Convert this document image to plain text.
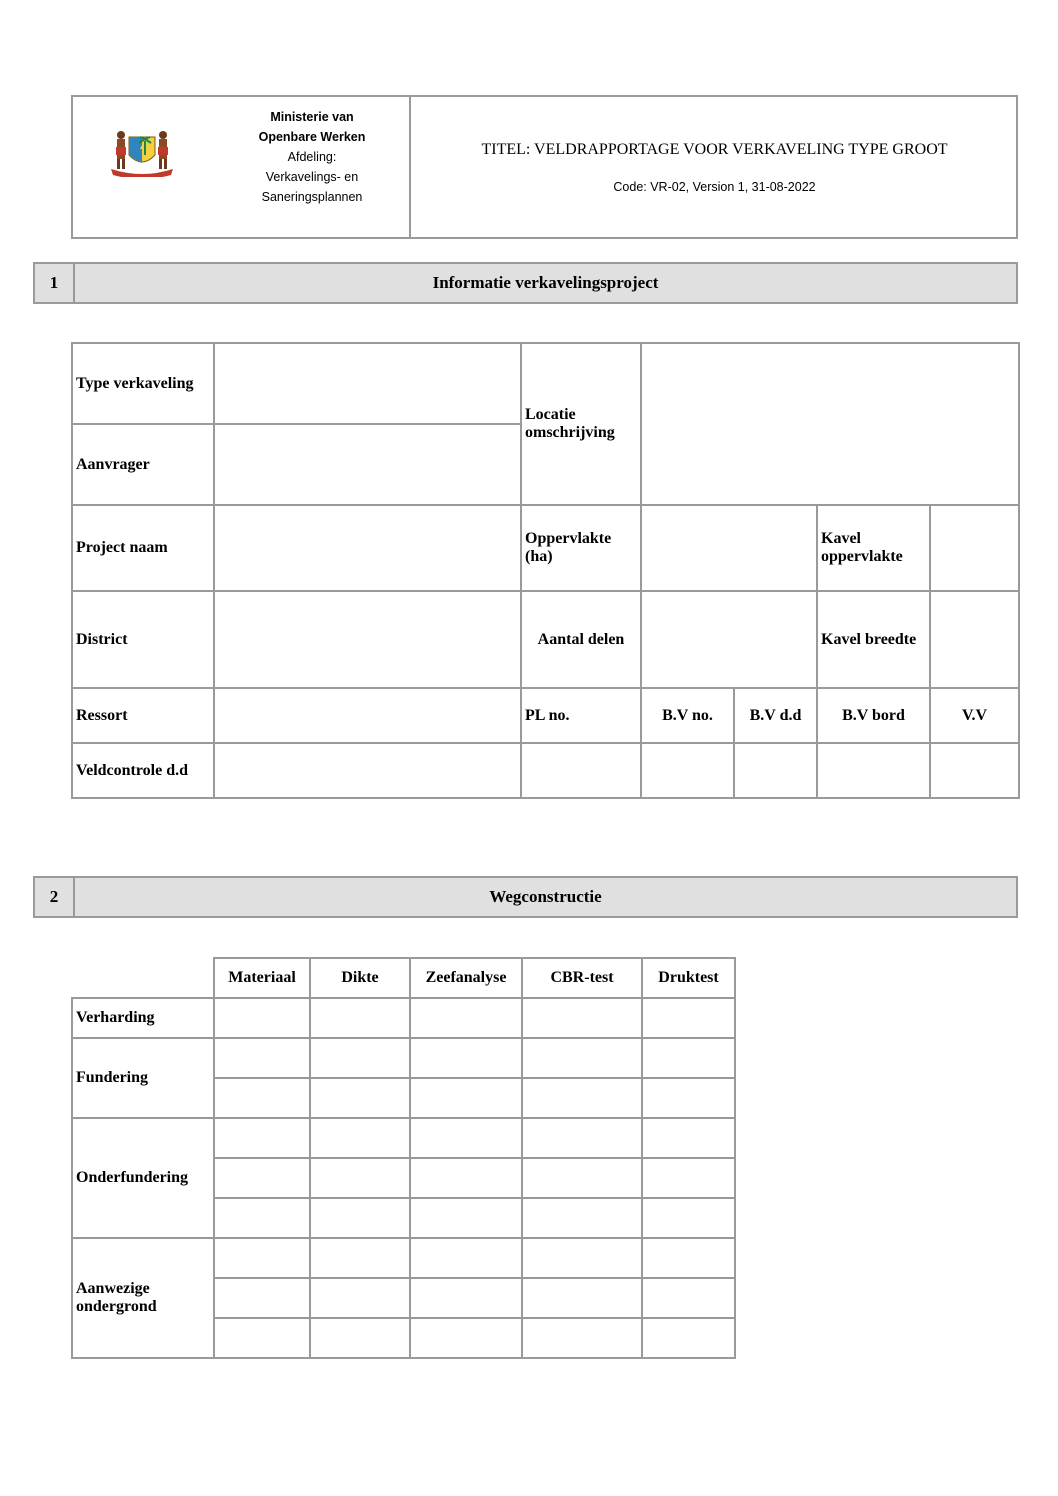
Ministerie van
Openbare Werken
Afdeling:
Verkavelings- en
Saneringsplannen
TITEL: VELDRAPPORTAGE VOOR VERKAVELING TYPE GROOT
Code: VR-02, Version 1, 31-08-2022
1	Informatie verkavelingsproject
Type verkaveling		Locatie omschrijving				
Aanvrager						
Project naam		Oppervlakte (ha)			Kavel oppervlakte	
District		Aantal delen			Kavel breedte	
Ressort		PL no.	B.V no.	B.V d.d	B.V bord	V.V
Veldcontrole d.d						
2	Wegconstructie
	Materiaal	Dikte	Zeefanalyse	CBR-test	Druktest
Verharding					
Fundering					

Onderfundering					

Aanwezige ondergrond					
